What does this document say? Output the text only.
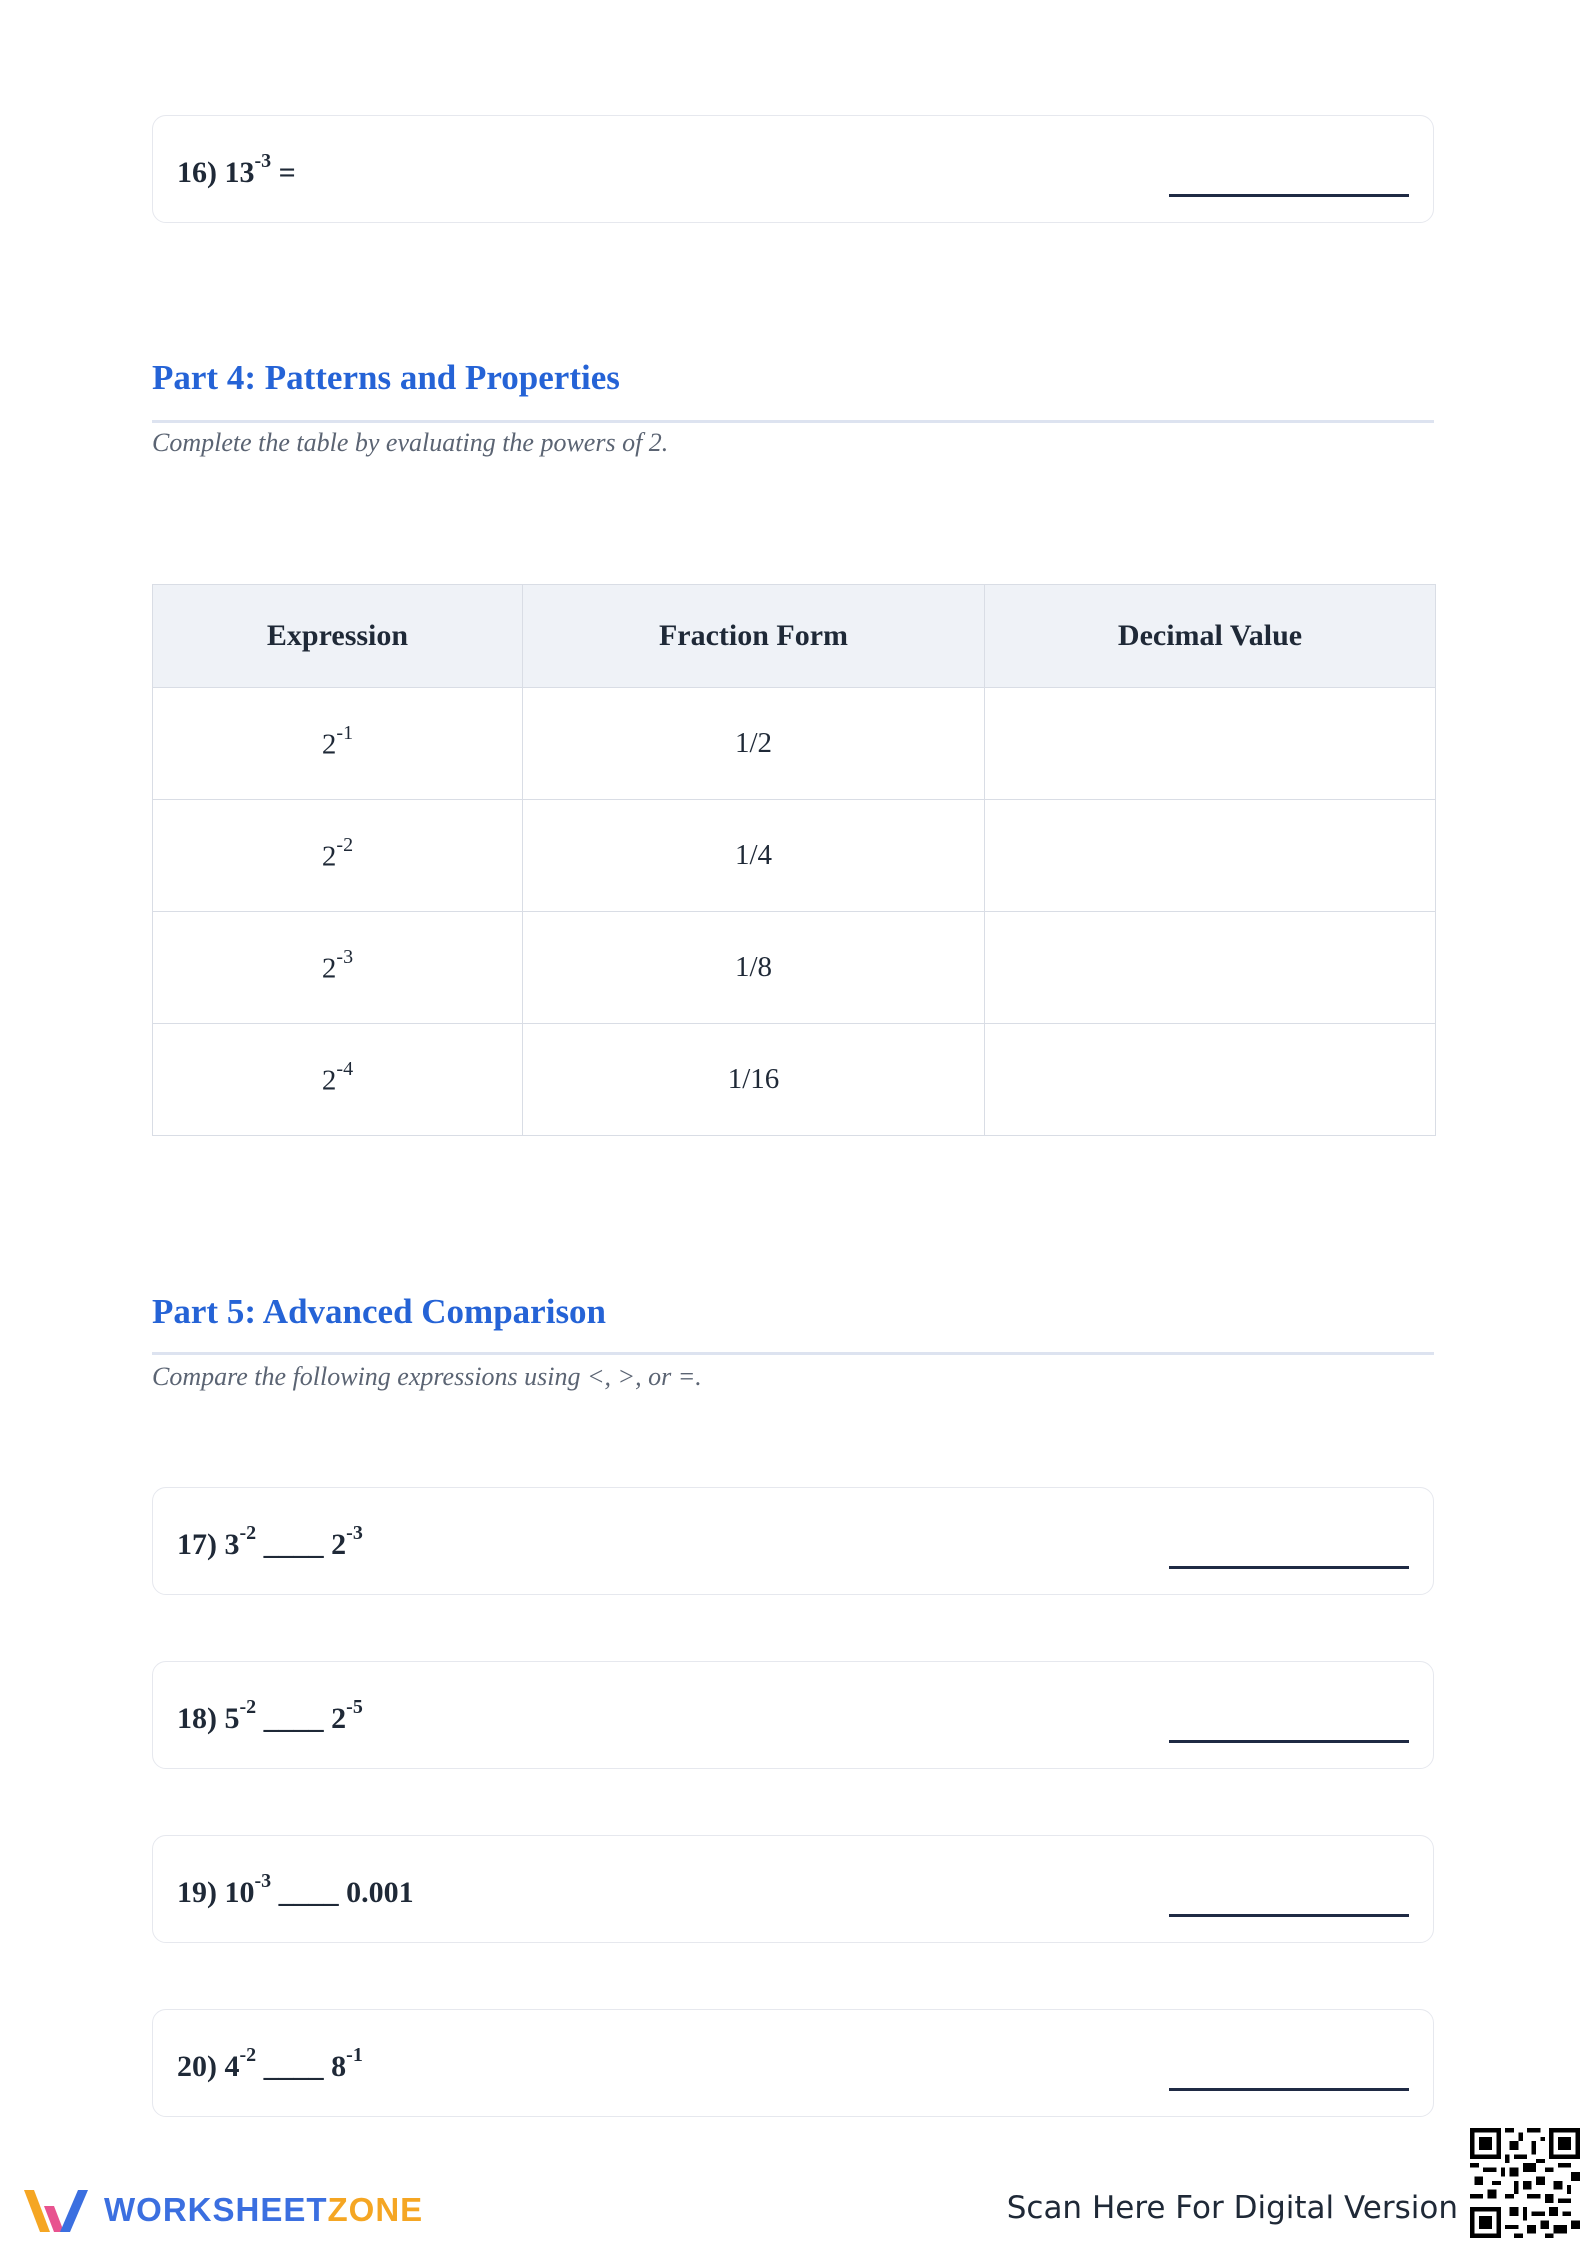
16) $13^{-3}$ =
Part 4: Patterns and Properties
Complete the table by evaluating the powers of 2.
Expression	Fraction Form	Decimal Value
$2^{-1}$	1/2	
$2^{-2}$	1/4	
$2^{-3}$	1/8	
$2^{-4}$	1/16	
Part 5: Advanced Comparison
Compare the following expressions using <, >, or =.
17) $3^{-2}$ ____ $2^{-3}$
18) $5^{-2}$ ____ $2^{-5}$
19) $10^{-3}$ ____ 0.001
20) $4^{-2}$ ____ $8^{-1}$
WORKSHEETZONE	Scan Here For Digital Version
